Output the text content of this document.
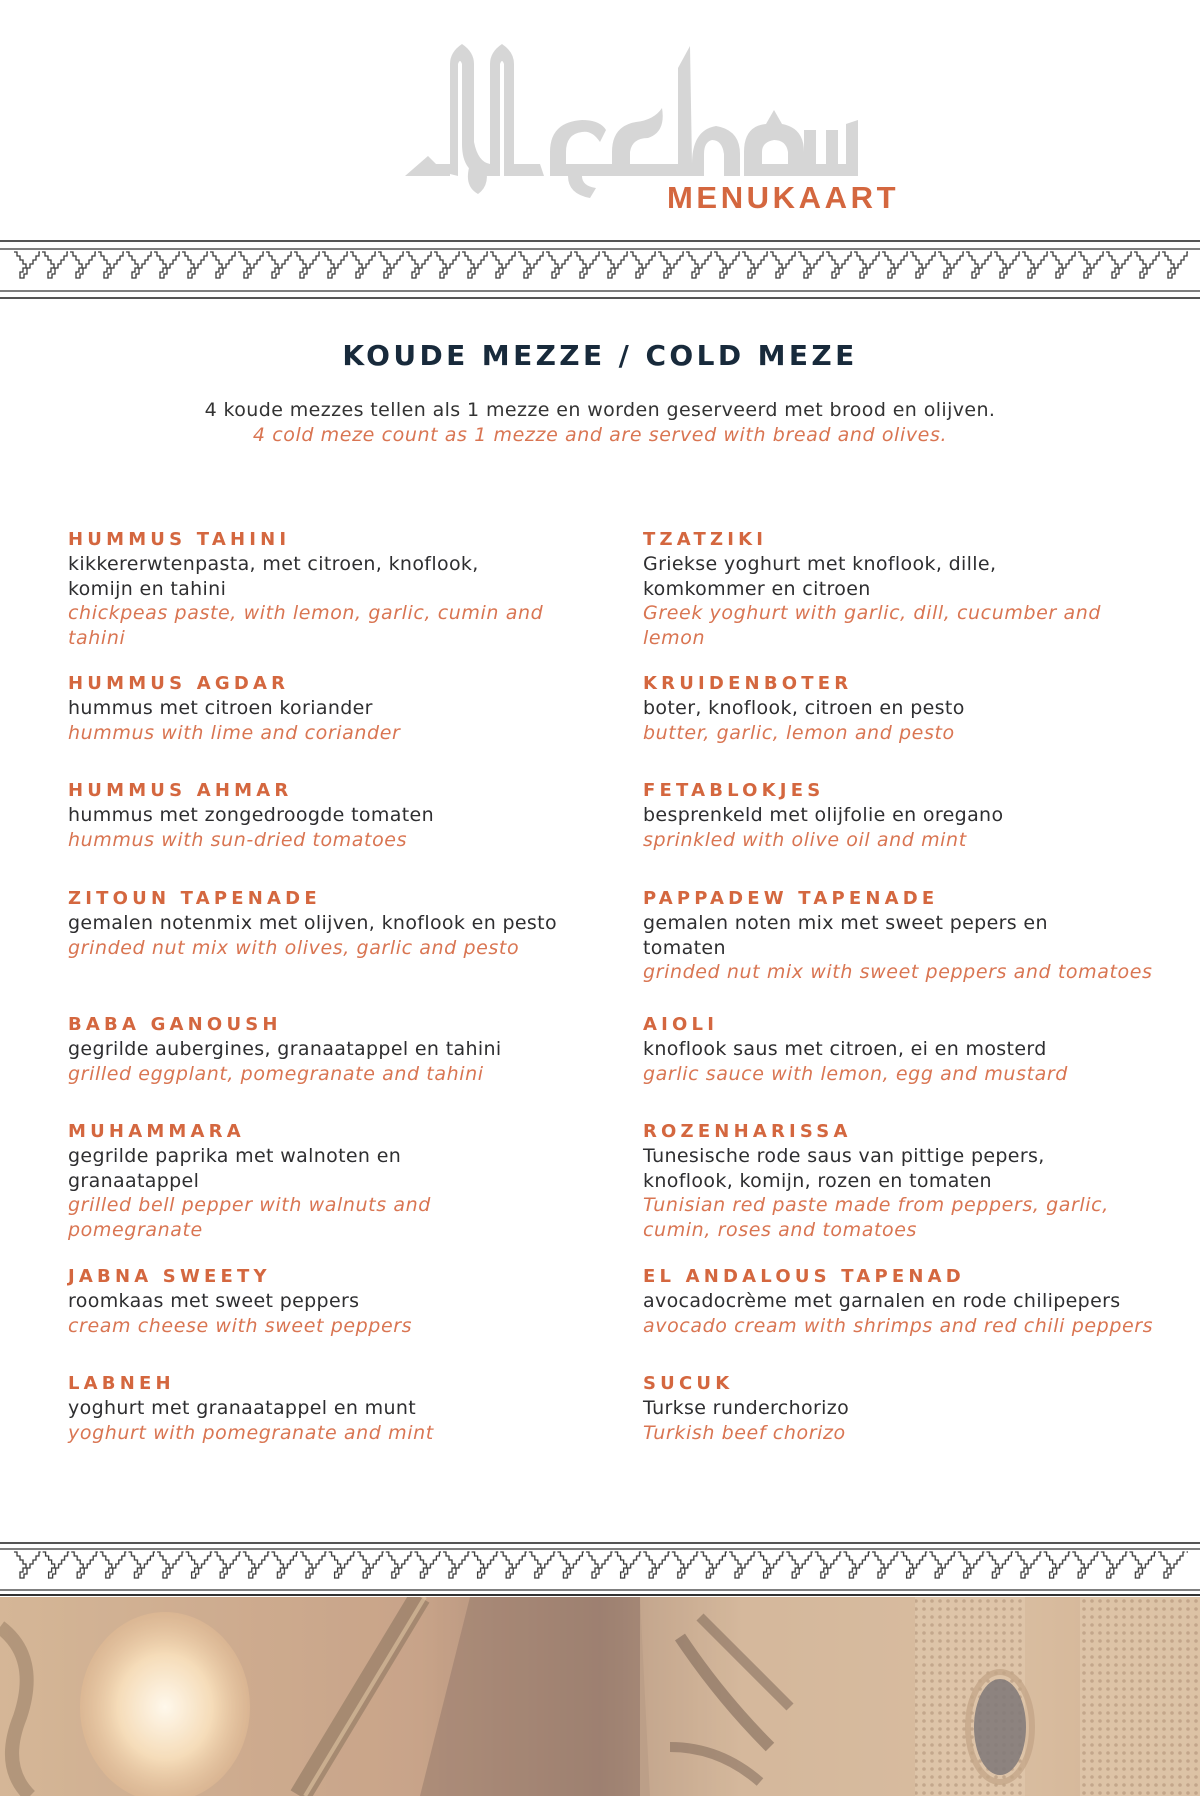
MENUKAART
KOUDE MEZZE / COLD MEZE
4 koude mezzes tellen als 1 mezze en worden geserveerd met brood en olijven.
4 cold meze count as 1 mezze and are served with bread and olives.
HUMMUS TAHINI
kikkererwtenpasta, met citroen, knoflook, komijn en tahini
chickpeas paste, with lemon, garlic, cumin and tahini
HUMMUS AGDAR
hummus met citroen koriander
hummus with lime and coriander
HUMMUS AHMAR
hummus met zongedroogde tomaten
hummus with sun-dried tomatoes
ZITOUN TAPENADE
gemalen notenmix met olijven, knoflook en pesto
grinded nut mix with olives, garlic and pesto
BABA GANOUSH
gegrilde aubergines, granaatappel en tahini
grilled eggplant, pomegranate and tahini
MUHAMMARA
gegrilde paprika met walnoten en granaatappel
grilled bell pepper with walnuts and pomegranate
JABNA SWEETY
roomkaas met sweet peppers
cream cheese with sweet peppers
LABNEH
yoghurt met granaatappel en munt
yoghurt with pomegranate and mint
TZATZIKI
Griekse yoghurt met knoflook, dille, komkommer en citroen
Greek yoghurt with garlic, dill, cucumber and lemon
KRUIDENBOTER
boter, knoflook, citroen en pesto
butter, garlic, lemon and pesto
FETABLOKJES
besprenkeld met olijfolie en oregano
sprinkled with olive oil and mint
PAPPADEW TAPENADE
gemalen noten mix met sweet pepers en tomaten
grinded nut mix with sweet peppers and tomatoes
AIOLI
knoflook saus met citroen, ei en mosterd
garlic sauce with lemon, egg and mustard
ROZENHARISSA
Tunesische rode saus van pittige pepers, knoflook, komijn, rozen en tomaten
Tunisian red paste made from peppers, garlic, cumin, roses and tomatoes
EL ANDALOUS TAPENAD
avocadocrème met garnalen en rode chilipepers
avocado cream with shrimps and red chili peppers
SUCUK
Turkse runderchorizo
Turkish beef chorizo
